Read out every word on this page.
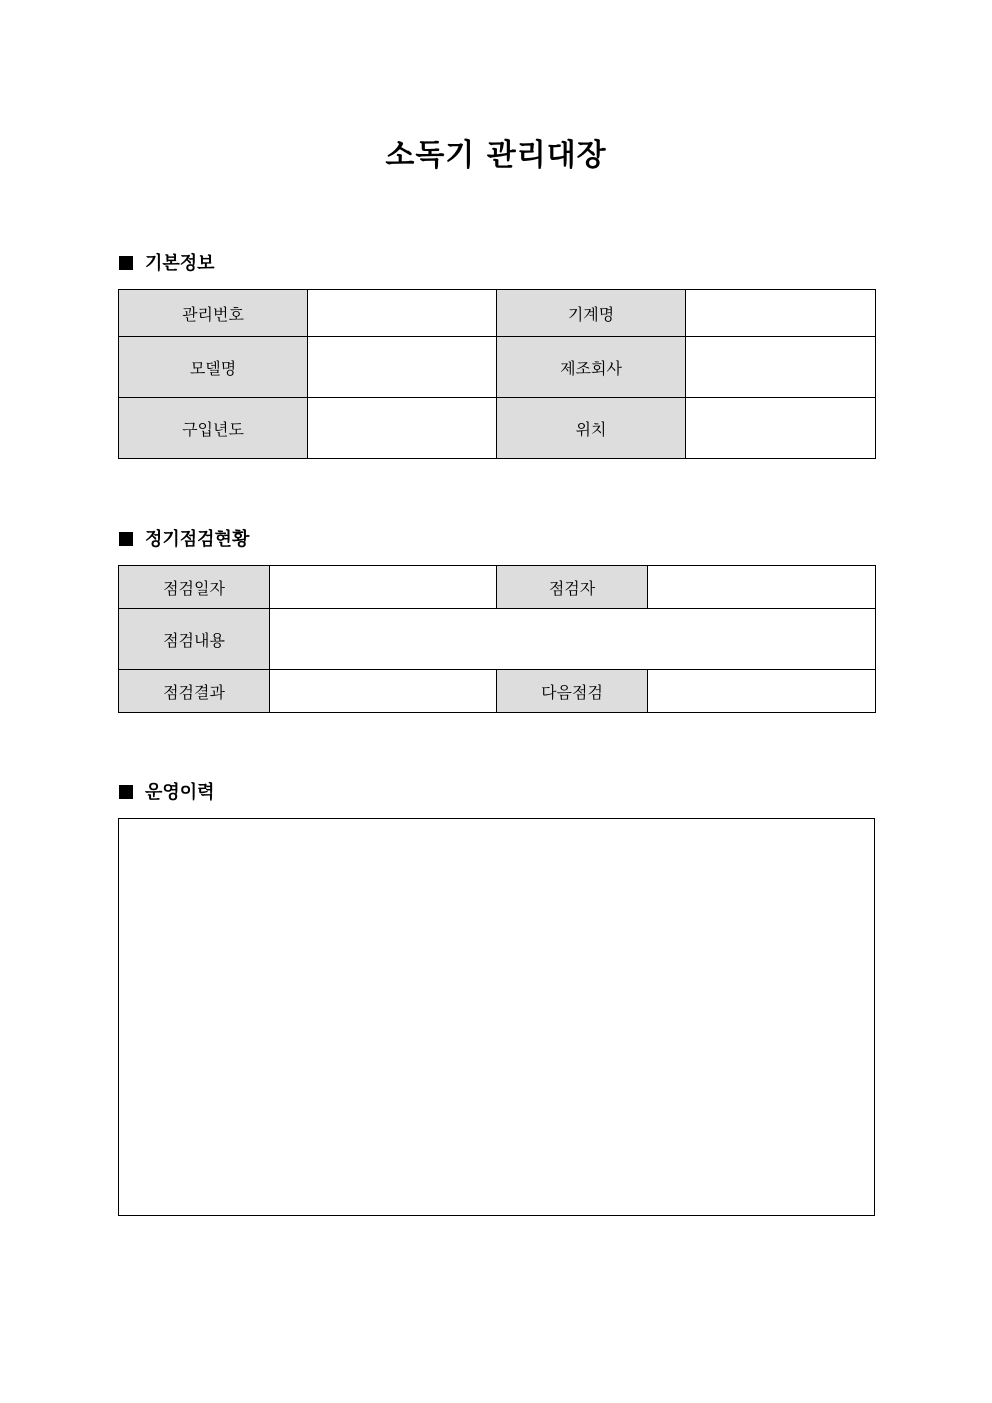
소독기 관리대장
기본정보
관리번호		기계명	
모델명		제조회사	
구입년도		위치	
정기점검현황
점검일자		점검자	
점검내용			
점검결과		다음점검	
운영이력
